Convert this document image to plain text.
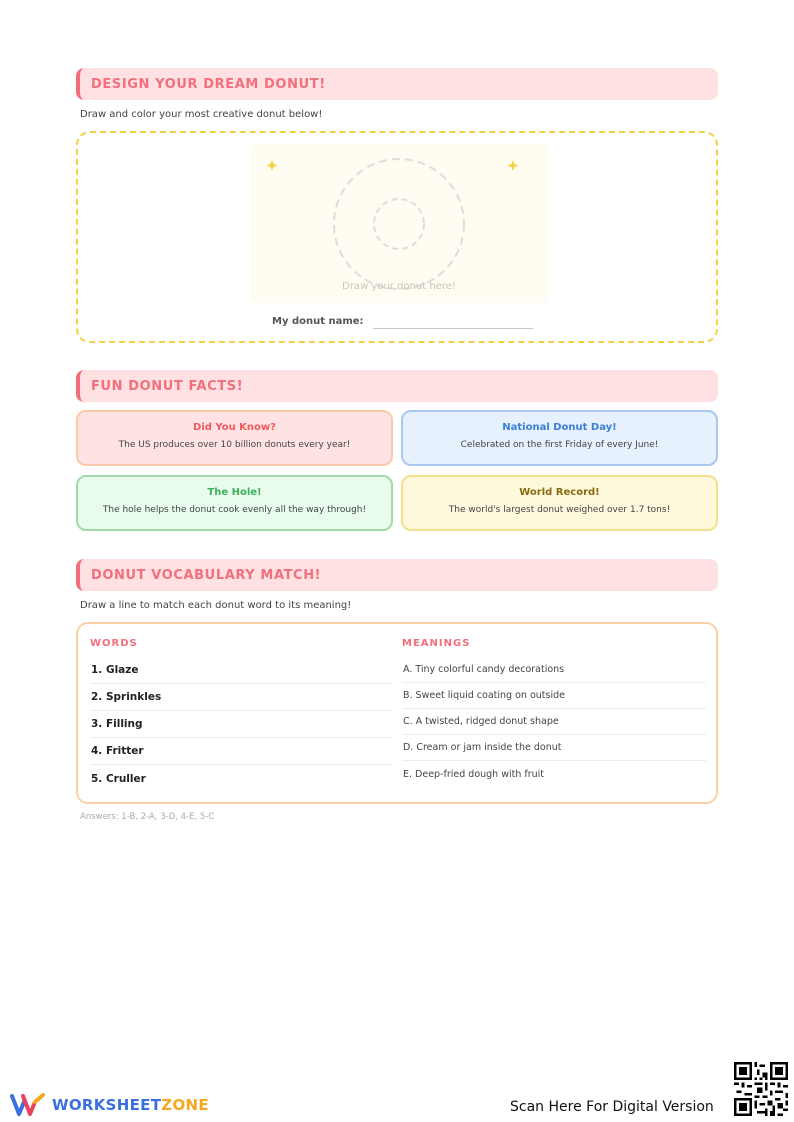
DESIGN YOUR DREAM DONUT!
Draw and color your most creative donut below!
Draw your donut here!
My donut name:
FUN DONUT FACTS!
Did You Know?
The US produces over 10 billion donuts every year!
National Donut Day!
Celebrated on the first Friday of every June!
The Hole!
The hole helps the donut cook evenly all the way through!
World Record!
The world's largest donut weighed over 1.7 tons!
DONUT VOCABULARY MATCH!
Draw a line to match each donut word to its meaning!
WORDS	MEANINGS
1. Glaze
2. Sprinkles
3. Filling
4. Fritter
5. Cruller
A. Tiny colorful candy decorations
B. Sweet liquid coating on outside
C. A twisted, ridged donut shape
D. Cream or jam inside the donut
E. Deep-fried dough with fruit
Answers: 1-B, 2-A, 3-D, 4-E, 5-C
WORKSHEETZONE	Scan Here For Digital Version
